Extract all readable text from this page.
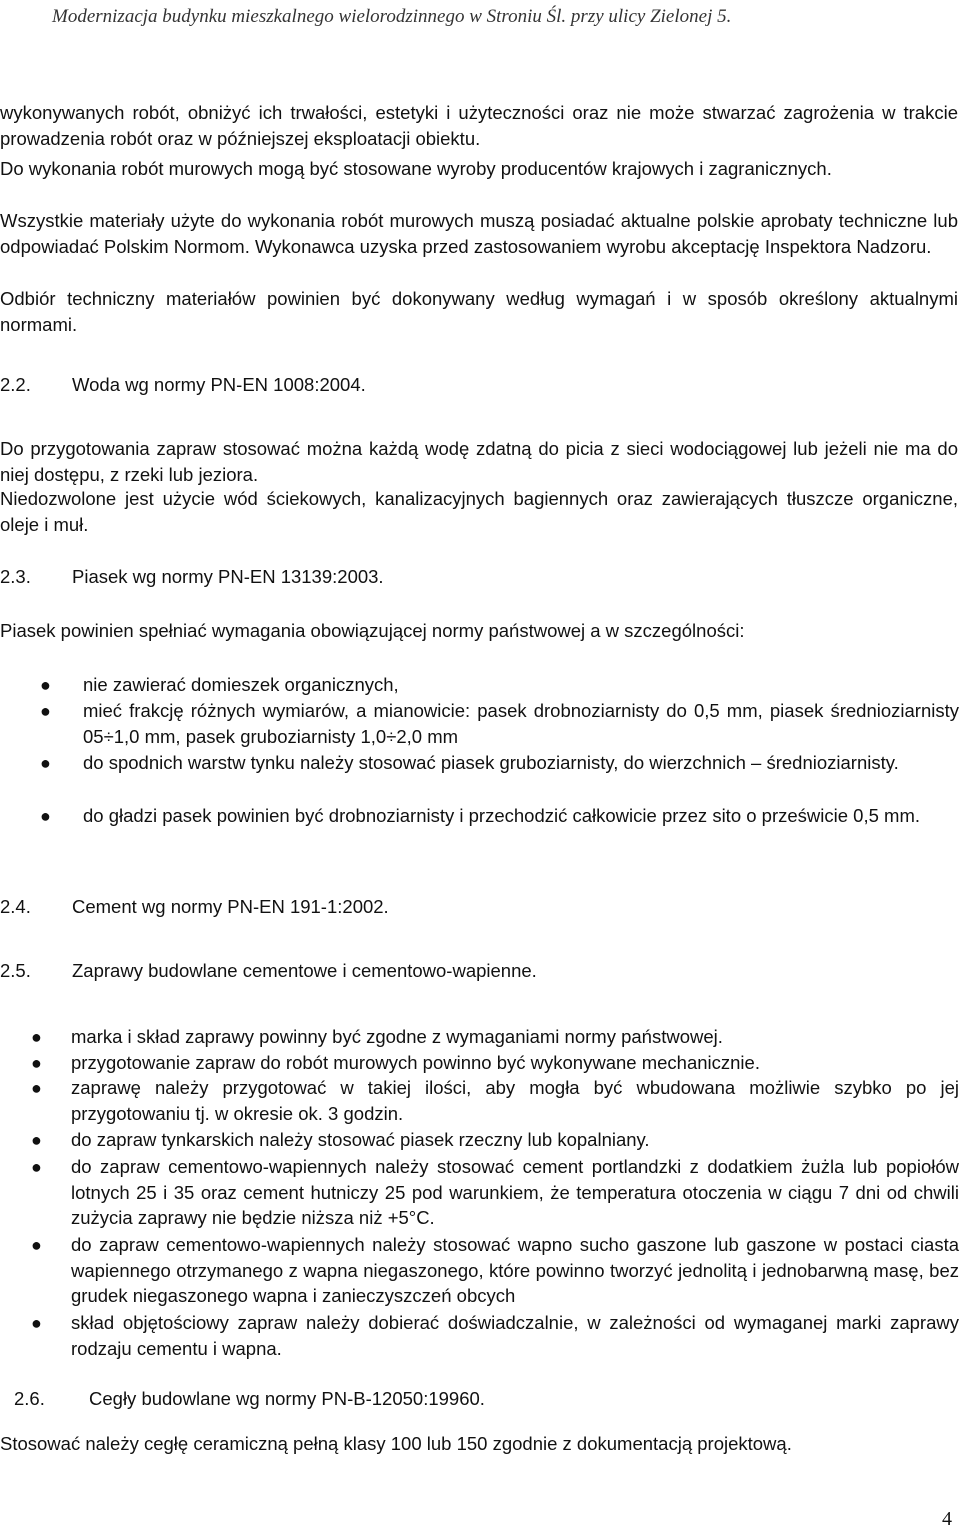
Modernizacja budynku mieszkalnego wielorodzinnego w Stroniu Śl. przy ulicy Zielonej 5.

wykonywanych robót, obniżyć ich trwałości, estetyki i użyteczności oraz nie może stwarzać zagrożenia w trakcie prowadzenia robót oraz w późniejszej eksploatacji obiektu.

Do wykonania robót murowych mogą być stosowane wyroby producentów krajowych i zagranicznych.

Wszystkie materiały użyte do wykonania robót murowych muszą posiadać aktualne polskie aprobaty techniczne lub odpowiadać Polskim Normom. Wykonawca uzyska przed zastosowaniem wyrobu akceptację Inspektora Nadzoru.

Odbiór techniczny materiałów powinien być dokonywany według wymagań i w sposób określony aktualnymi normami.

2.2. Woda wg normy PN-EN 1008:2004.

Do przygotowania zapraw stosować można każdą wodę zdatną do picia z sieci wodociągowej lub jeżeli nie ma do niej dostępu, z rzeki lub jeziora.

Niedozwolone jest użycie wód ściekowych, kanalizacyjnych bagiennych oraz zawierających tłuszcze organiczne, oleje i muł.

2.3. Piasek wg normy PN-EN 13139:2003.

Piasek powinien spełniać wymagania obowiązującej normy państwowej a w szczególności:

● nie zawierać domieszek organicznych,

● mieć frakcję różnych wymiarów, a mianowicie: pasek drobnoziarnisty do 0,5 mm, piasek średnioziarnisty 05÷1,0 mm, pasek gruboziarnisty 1,0÷2,0 mm

● do spodnich warstw tynku należy stosować piasek gruboziarnisty, do wierzchnich – średnioziarnisty.

● do gładzi pasek powinien być drobnoziarnisty i przechodzić całkowicie przez sito o prześwicie 0,5 mm.

2.4. Cement wg normy PN-EN 191-1:2002.
2.5. Zaprawy budowlane cementowe i cementowo-wapienne.
● marka i skład zaprawy powinny być zgodne z wymaganiami normy państwowej.

● przygotowanie zapraw do robót murowych powinno być wykonywane mechanicznie.

● zaprawę należy przygotować w takiej ilości, aby mogła być wbudowana możliwie szybko po jej przygotowaniu tj. w okresie ok. 3 godzin.

● do zapraw tynkarskich należy stosować piasek rzeczny lub kopalniany.

● do zapraw cementowo-wapiennych należy stosować cement portlandzki z dodatkiem żużla lub popiołów lotnych 25 i 35 oraz cement hutniczy 25 pod warunkiem, że temperatura otoczenia w ciągu 7 dni od chwili zużycia zaprawy nie będzie niższa niż +5°C.

● do zapraw cementowo-wapiennych należy stosować wapno sucho gaszone lub gaszone w postaci ciasta wapiennego otrzymanego z wapna niegaszonego, które powinno tworzyć jednolitą i jednobarwną masę, bez grudek niegaszonego wapna i zanieczyszczeń obcych

● skład objętościowy zapraw należy dobierać doświadczalnie, w zależności od wymaganej marki zaprawy rodzaju cementu i wapna.

2.6. Cegły budowlane wg normy PN-B-12050:19960.

Stosować należy cegłę ceramiczną pełną klasy 100 lub 150 zgodnie z dokumentacją projektową.

4
